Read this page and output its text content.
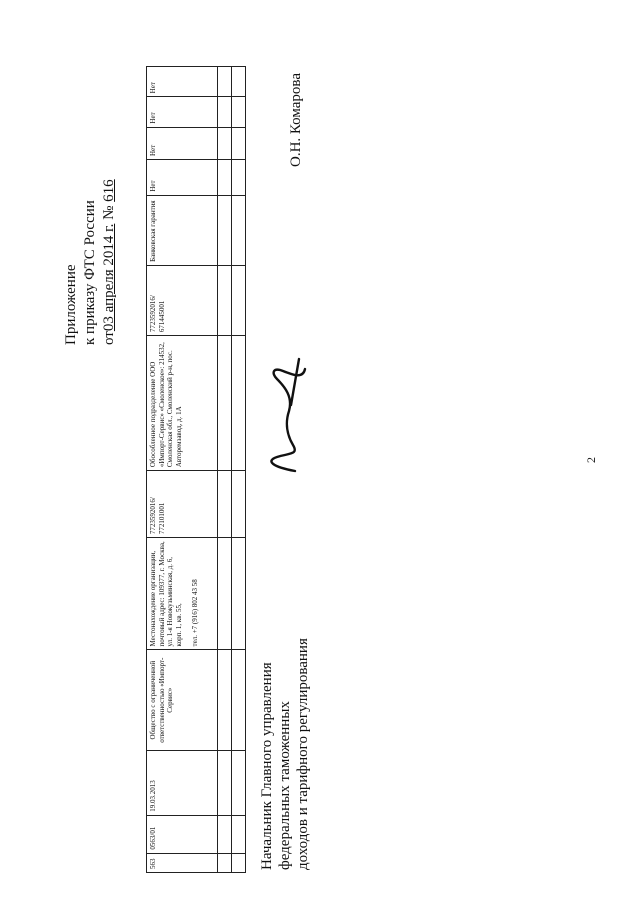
2
Приложение к приказу ФТС России от03 апреля 2014 г. № 616
563	0563/01	19.03.2013	Общество с ограниченной ответственностью «Импорт-Сервис»	Местонахождение организации, почтовый адрес: 109377, г. Москва, ул. 1-я Новокузьминская, д. 6, корп. 1, кв. 55, тел. +7 (916) 802 43 58	7723592016/ 772101001	Обособленное подразделение ООО «Импорт-Сервис» «Смоленское»: 214532, Смоленская обл., Смоленский р-н, пос. Авторемзавод, д. 1А	7723592016/ 671445001	Банковская гарантия	Нет	Нет	Нет	Нет

Начальник Главного управления федеральных таможенных доходов и тарифного регулирования
О.Н. Комарова
